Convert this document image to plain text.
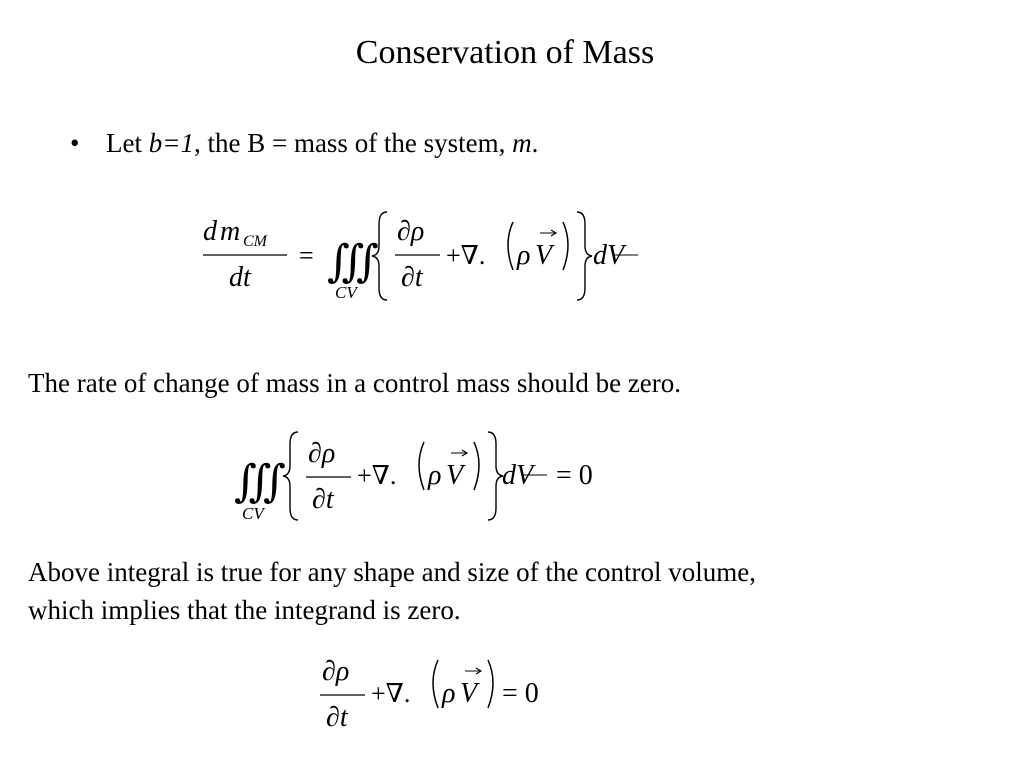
Conservation of Mass
• Let b=1, the B = mass of the system, m.
d m CM
dt
= ∭
CV
∂ρ
∂t
+∇. ρ V dV
The rate of change of mass in a control mass should be zero.
∭
CV
∂ρ
∂t
+∇. ρ V dV = 0
Above integral is true for any shape and size of the control volume,
which implies that the integrand is zero.
∂ρ
∂t
+∇. ρ V = 0
